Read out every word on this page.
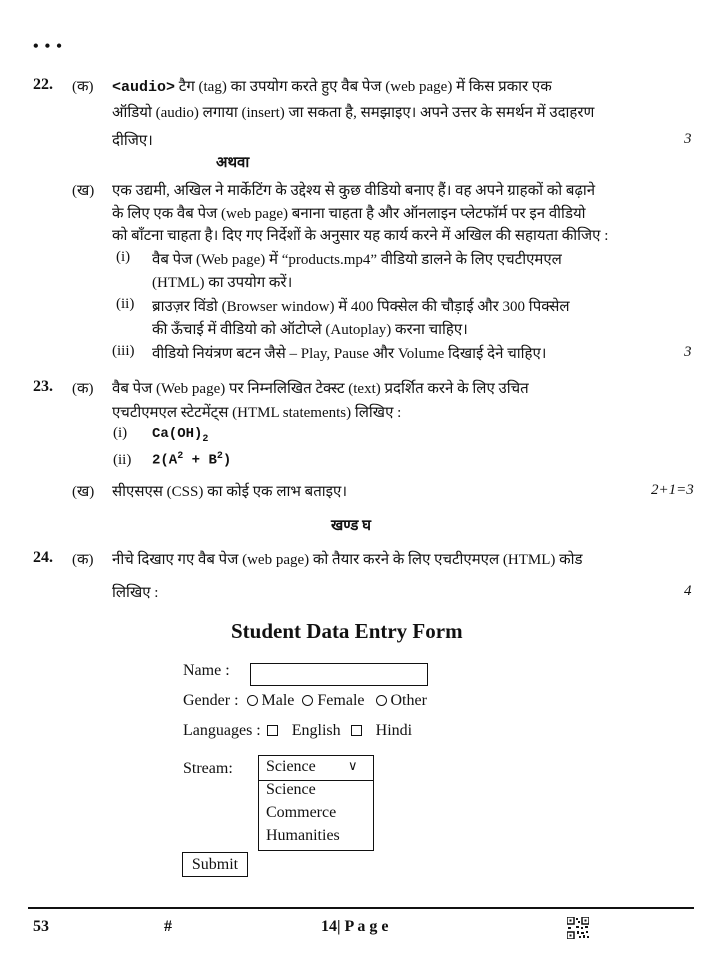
• • •
22. (क) <audio> टैग (tag) का उपयोग करते हुए वैब पेज (web page) में किस प्रकार एक
ऑडियो (audio) लगाया (insert) जा सकता है, समझाइए। अपने उत्तर के समर्थन में उदाहरण
दीजिए।	3
अथवा
(ख) एक उद्यमी, अखिल ने मार्केटिंग के उद्देश्य से कुछ वीडियो बनाए हैं। वह अपने ग्राहकों को बढ़ाने
के लिए एक वैब पेज (web page) बनाना चाहता है और ऑनलाइन प्लेटफॉर्म पर इन वीडियो
को बाँटना चाहता है। दिए गए निर्देशों के अनुसार यह कार्य करने में अखिल की सहायता कीजिए :
(i) वैब पेज (Web page) में “products.mp4” वीडियो डालने के लिए एचटीएमएल
(HTML) का उपयोग करें।
(ii) ब्राउज़र विंडो (Browser window) में 400 पिक्सेल की चौड़ाई और 300 पिक्सेल
की ऊँचाई में वीडियो को ऑटोप्ले (Autoplay) करना चाहिए।
(iii) वीडियो नियंत्रण बटन जैसे – Play, Pause और Volume दिखाई देने चाहिए।	3
23. (क) वैब पेज (Web page) पर निम्नलिखित टेक्स्ट (text) प्रदर्शित करने के लिए उचित
एचटीएमएल स्टेटमेंट्स (HTML statements) लिखिए :
(i) $Ca(OH)_2$
(ii) $2(A^2 + B^2)$
(ख) सीएसएस (CSS) का कोई एक लाभ बताइए।	2+1=3
खण्ड घ
24. (क) नीचे दिखाए गए वैब पेज (web page) को तैयार करने के लिए एचटीएमएल (HTML) कोड
लिखिए :	4
Student Data Entry Form
Name :
Gender : Male Female Other
Languages : English Hindi
Stream: Science ∨
Science
Commerce
Humanities
Submit
53	#	14| P a g e
